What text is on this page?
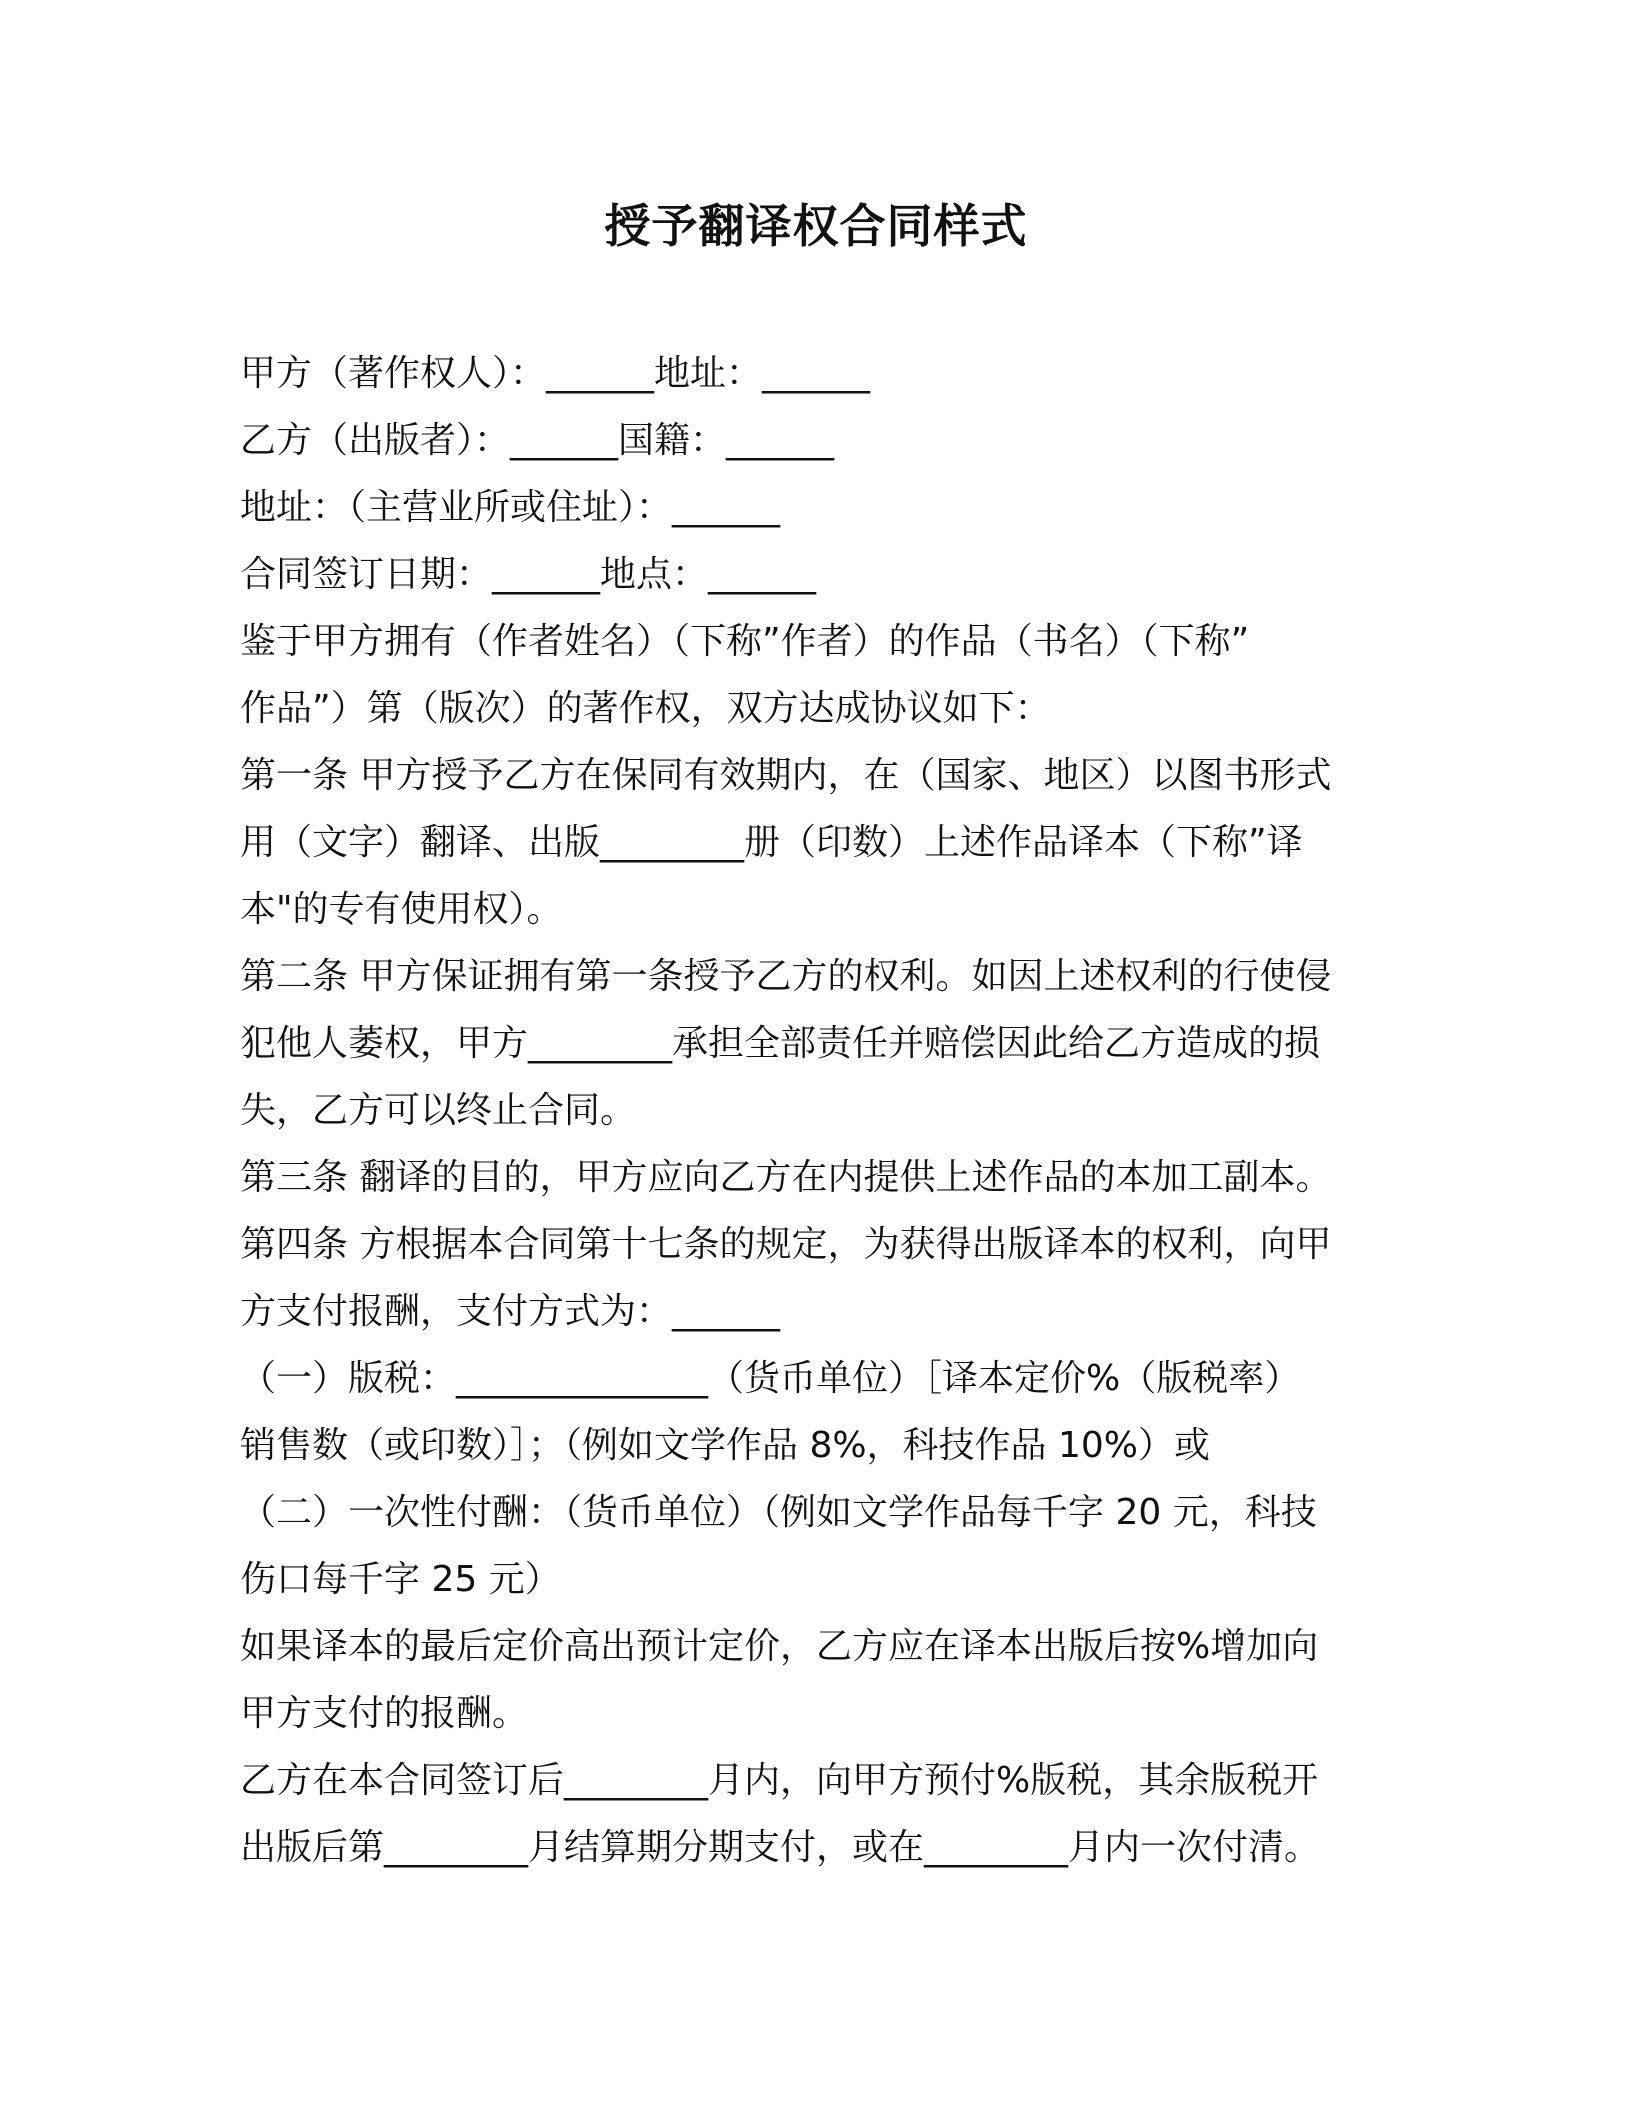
授予翻译权合同样式

甲方（著作权人）：______地址：______

乙方（出版者）：______国籍：______

地址：（主营业所或住址）：______

合同签订日期：______地点：______

鉴于甲方拥有（作者姓名）（下称”作者）的作品（书名）（下称”

作品”）第（版次）的著作权，双方达成协议如下：

第一条 甲方授予乙方在保同有效期内，在（国家、地区）以图书形式

用（文字）翻译、出版________册（印数）上述作品译本（下称”译

本"的专有使用权）。

第二条 甲方保证拥有第一条授予乙方的权利。如因上述权利的行使侵

犯他人萎权，甲方________承担全部责任并赔偿因此给乙方造成的损

失，乙方可以终止合同。

第三条 翻译的目的，甲方应向乙方在内提供上述作品的本加工副本。

第四条 方根据本合同第十七条的规定，为获得出版译本的权利，向甲

方支付报酬，支付方式为：______

（一）版税：______________（货币单位）［译本定价%（版税率）

销售数（或印数）］；（例如文学作品 8%，科技作品 10%）或

（二）一次性付酬：（货币单位）（例如文学作品每千字 20 元，科技

伤口每千字 25 元）

如果译本的最后定价高出预计定价，乙方应在译本出版后按%增加向

甲方支付的报酬。

乙方在本合同签订后________月内，向甲方预付%版税，其余版税开

出版后第________月结算期分期支付，或在________月内一次付清。
